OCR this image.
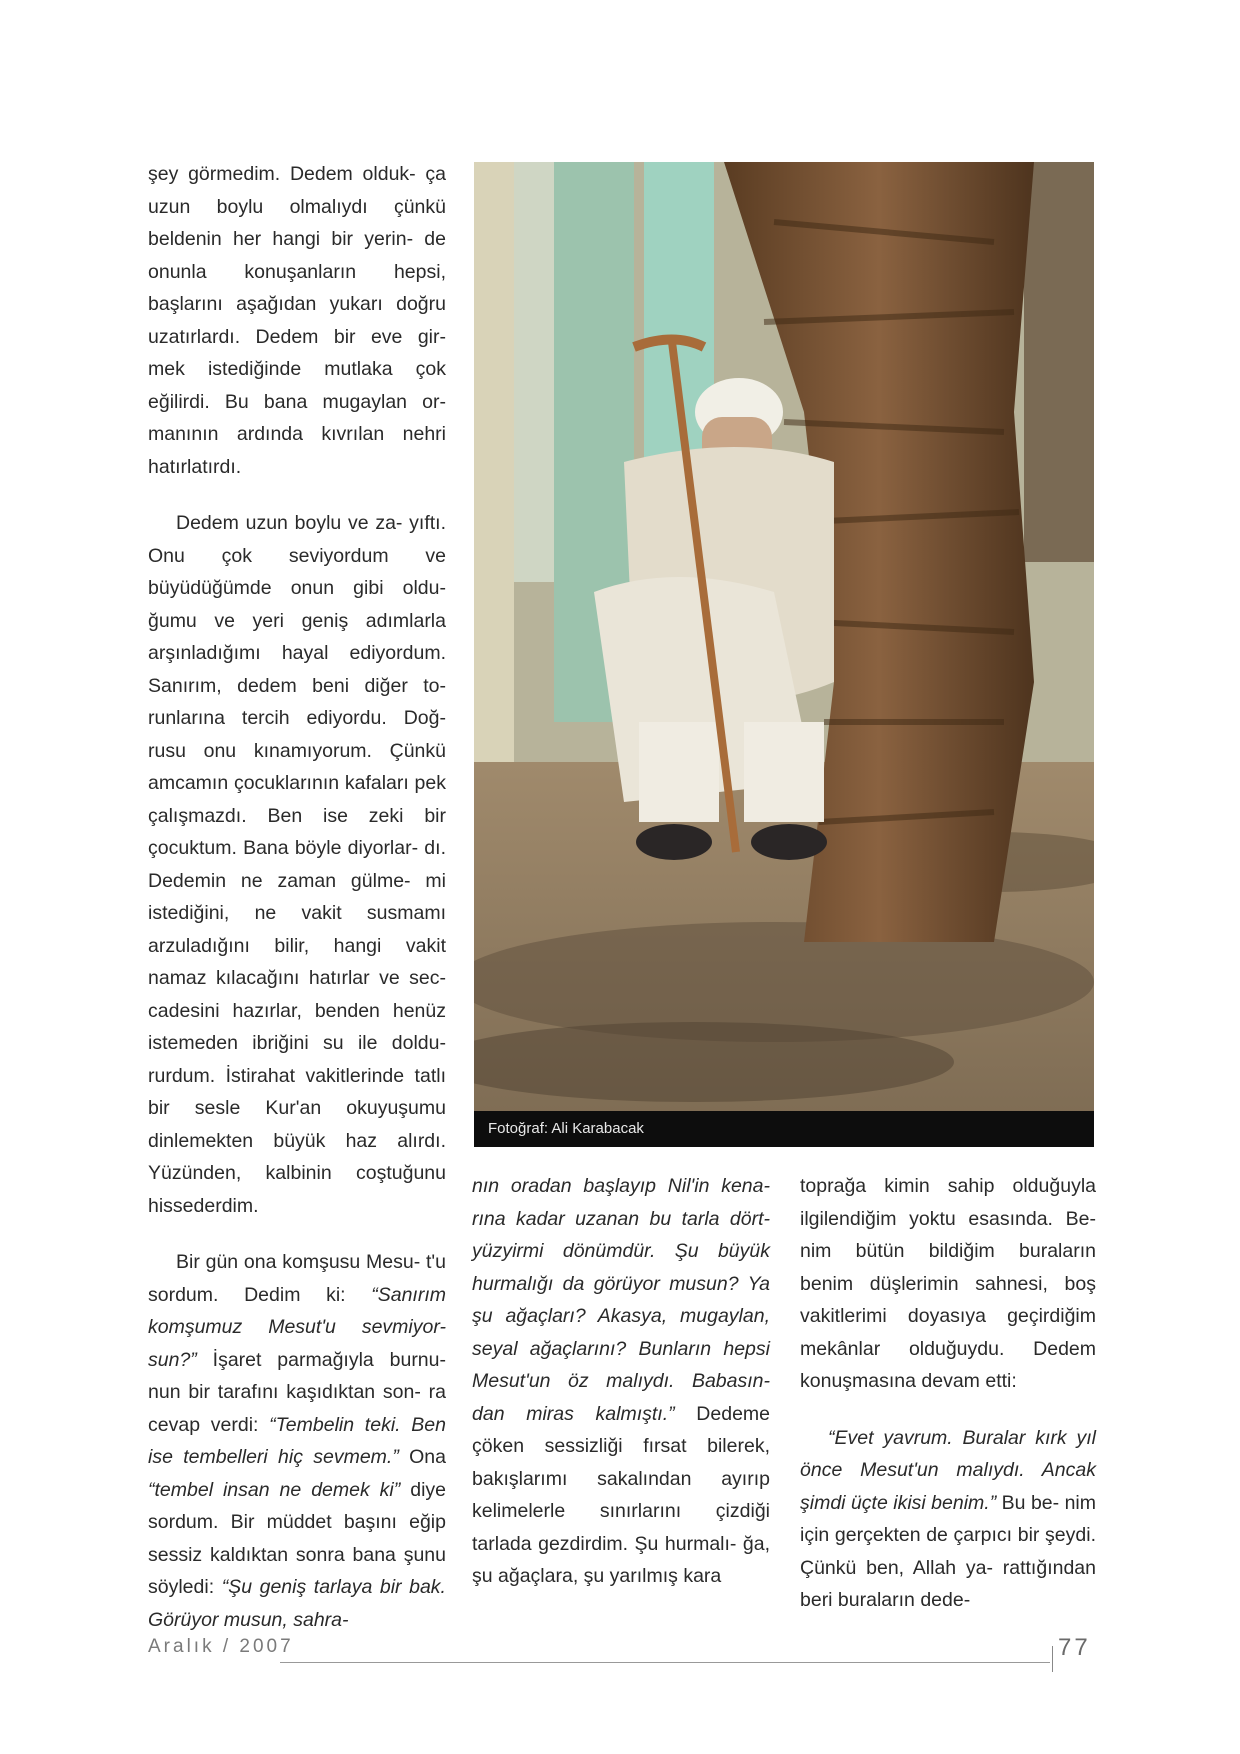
şey görmedim. Dedem olduk- ça uzun boylu olmalıydı çünkü beldenin her hangi bir yerin- de onunla konuşanların hepsi, başlarını aşağıdan yukarı doğru uzatırlardı. Dedem bir eve gir- mek istediğinde mutlaka çok eğilirdi. Bu bana mugaylan or- manının ardında kıvrılan nehri hatırlatırdı.

Dedem uzun boylu ve za- yıftı. Onu çok seviyordum ve büyüdüğümde onun gibi oldu- ğumu ve yeri geniş adımlarla arşınladığımı hayal ediyordum. Sanırım, dedem beni diğer to- runlarına tercih ediyordu. Doğ- rusu onu kınamıyorum. Çünkü amcamın çocuklarının kafaları pek çalışmazdı. Ben ise zeki bir çocuktum. Bana böyle diyorlar- dı. Dedemin ne zaman gülme- mi istediğini, ne vakit susmamı arzuladığını bilir, hangi vakit namaz kılacağını hatırlar ve sec- cadesini hazırlar, benden henüz istemeden ibriğini su ile doldu- rurdum. İstirahat vakitlerinde tatlı bir sesle Kur'an okuyuşumu dinlemekten büyük haz alırdı. Yüzünden, kalbinin coştuğunu hissederdim.

Bir gün ona komşusu Mesu- t'u sordum. Dedim ki: “Sanırım komşumuz Mesut'u sevmiyor- sun?” İşaret parmağıyla burnu- nun bir tarafını kaşıdıktan son- ra cevap verdi: “Tembelin teki. Ben ise tembelleri hiç sevmem.” Ona “tembel insan ne demek ki” diye sordum. Bir müddet başını eğip sessiz kaldıktan sonra bana şunu söyledi: “Şu geniş tarlaya bir bak. Görüyor musun, sahra-

Fotoğraf: Ali Karabacak

nın oradan başlayıp Nil'in kena- rına kadar uzanan bu tarla dört- yüzyirmi dönümdür. Şu büyük hurmalığı da görüyor musun? Ya şu ağaçları? Akasya, mugaylan, seyal ağaçlarını? Bunların hepsi Mesut'un öz malıydı. Babasın- dan miras kalmıştı.” Dedeme çöken sessizliği fırsat bilerek, bakışlarımı sakalından ayırıp kelimelerle sınırlarını çizdiği tarlada gezdirdim. Şu hurmalı- ğa, şu ağaçlara, şu yarılmış kara

toprağa kimin sahip olduğuyla ilgilendiğim yoktu esasında. Be- nim bütün bildiğim buraların benim düşlerimin sahnesi, boş vakitlerimi doyasıya geçirdiğim mekânlar olduğuydu. Dedem konuşmasına devam etti:

“Evet yavrum. Buralar kırk yıl önce Mesut'un malıydı. Ancak şimdi üçte ikisi benim.” Bu be- nim için gerçekten de çarpıcı bir şeydi. Çünkü ben, Allah ya- rattığından beri buraların dede-

Aralık / 2007	77
